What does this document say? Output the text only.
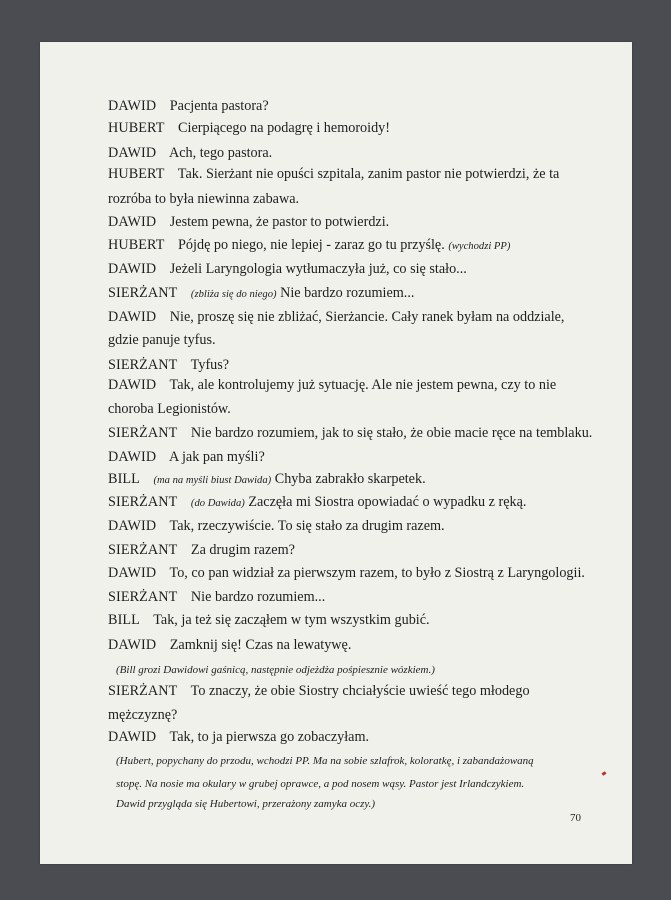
DAWID Pacjenta pastora?
HUBERT Cierpiącego na podagrę i hemoroidy!
DAWID Ach, tego pastora.
HUBERT Tak. Sierżant nie opuści szpitala, zanim pastor nie potwierdzi, że ta
rozróba to była niewinna zabawa.
DAWID Jestem pewna, że pastor to potwierdzi.
HUBERT Pójdę po niego, nie lepiej - zaraz go tu przyślę. (wychodzi PP)
DAWID Jeżeli Laryngologia wytłumaczyła już, co się stało...
SIERŻANT (zbliża się do niego) Nie bardzo rozumiem...
DAWID Nie, proszę się nie zbliżać, Sierżancie. Cały ranek byłam na oddziale,
gdzie panuje tyfus.
SIERŻANT Tyfus?
DAWID Tak, ale kontrolujemy już sytuację. Ale nie jestem pewna, czy to nie
choroba Legionistów.
SIERŻANT Nie bardzo rozumiem, jak to się stało, że obie macie ręce na temblaku.
DAWID A jak pan myśli?
BILL (ma na myśli biust Dawida) Chyba zabrakło skarpetek.
SIERŻANT (do Dawida) Zaczęła mi Siostra opowiadać o wypadku z ręką.
DAWID Tak, rzeczywiście. To się stało za drugim razem.
SIERŻANT Za drugim razem?
DAWID To, co pan widział za pierwszym razem, to było z Siostrą z Laryngologii.
SIERŻANT Nie bardzo rozumiem...
BILL Tak, ja też się zacząłem w tym wszystkim gubić.
DAWID Zamknij się! Czas na lewatywę.
(Bill grozi Dawidowi gaśnicą, następnie odjeżdża pośpiesznie wózkiem.)
SIERŻANT To znaczy, że obie Siostry chciałyście uwieść tego młodego
mężczyznę?
DAWID Tak, to ja pierwsza go zobaczyłam.
(Hubert, popychany do przodu, wchodzi PP. Ma na sobie szlafrok, koloratkę, i zabandażowaną
stopę. Na nosie ma okulary w grubej oprawce, a pod nosem wąsy. Pastor jest Irlandczykiem.
Dawid przygląda się Hubertowi, przerażony zamyka oczy.)
70
